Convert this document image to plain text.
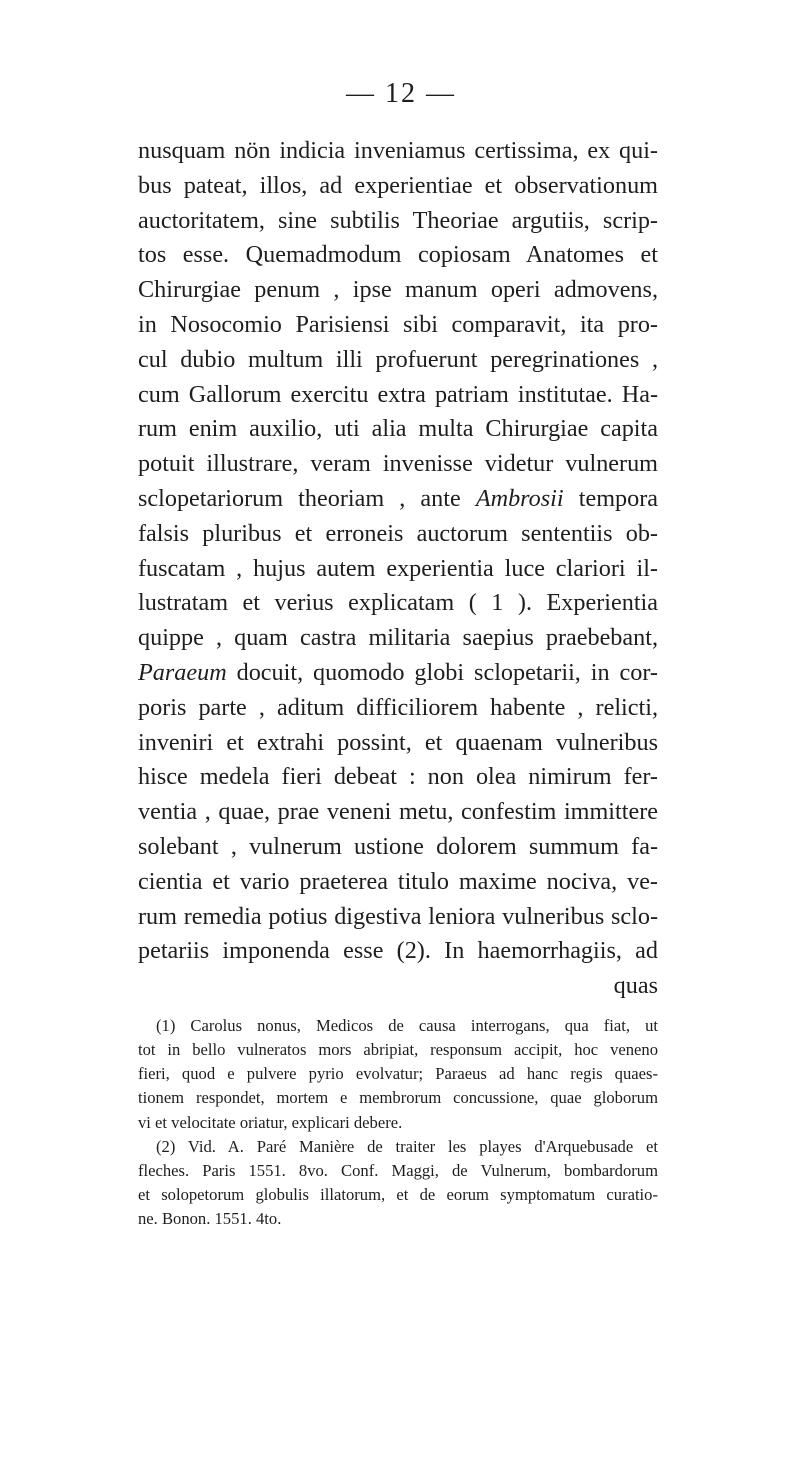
— 12 —
nusquam nön indicia inveniamus certissima, ex qui-
bus pateat, illos, ad experientiae et observationum
auctoritatem, sine subtilis Theoriae argutiis, scrip-
tos esse. Quemadmodum copiosam Anatomes et
Chirurgiae penum , ipse manum operi admovens,
in Nosocomio Parisiensi sibi comparavit, ita pro-
cul dubio multum illi profuerunt peregrinationes ,
cum Gallorum exercitu extra patriam institutae. Ha-
rum enim auxilio, uti alia multa Chirurgiae capita
potuit illustrare, veram invenisse videtur vulnerum
sclopetariorum theoriam , ante Ambrosii tempora
falsis pluribus et erroneis auctorum sententiis ob-
fuscatam , hujus autem experientia luce clariori il-
lustratam et verius explicatam ( 1 ). Experientia
quippe , quam castra militaria saepius praebebant,
Paraeum docuit, quomodo globi sclopetarii, in cor-
poris parte , aditum difficiliorem habente , relicti,
inveniri et extrahi possint, et quaenam vulneribus
hisce medela fieri debeat : non olea nimirum fer-
ventia , quae, prae veneni metu, confestim immittere
solebant , vulnerum ustione dolorem summum fa-
cientia et vario praeterea titulo maxime nociva, ve-
rum remedia potius digestiva leniora vulneribus sclo-
petariis imponenda esse (2). In haemorrhagiis, ad
quas
(1) Carolus nonus, Medicos de causa interrogans, qua fiat, ut
tot in bello vulneratos mors abripiat, responsum accipit, hoc veneno
fieri, quod e pulvere pyrio evolvatur; Paraeus ad hanc regis quaes-
tionem respondet, mortem e membrorum concussione, quae globorum
vi et velocitate oriatur, explicari debere.
(2) Vid. A. Paré Manière de traiter les playes d'Arquebusade et
fleches. Paris 1551. 8vo. Conf. Maggi, de Vulnerum, bombardorum
et solopetorum globulis illatorum, et de eorum symptomatum curatio-
ne. Bonon. 1551. 4to.
